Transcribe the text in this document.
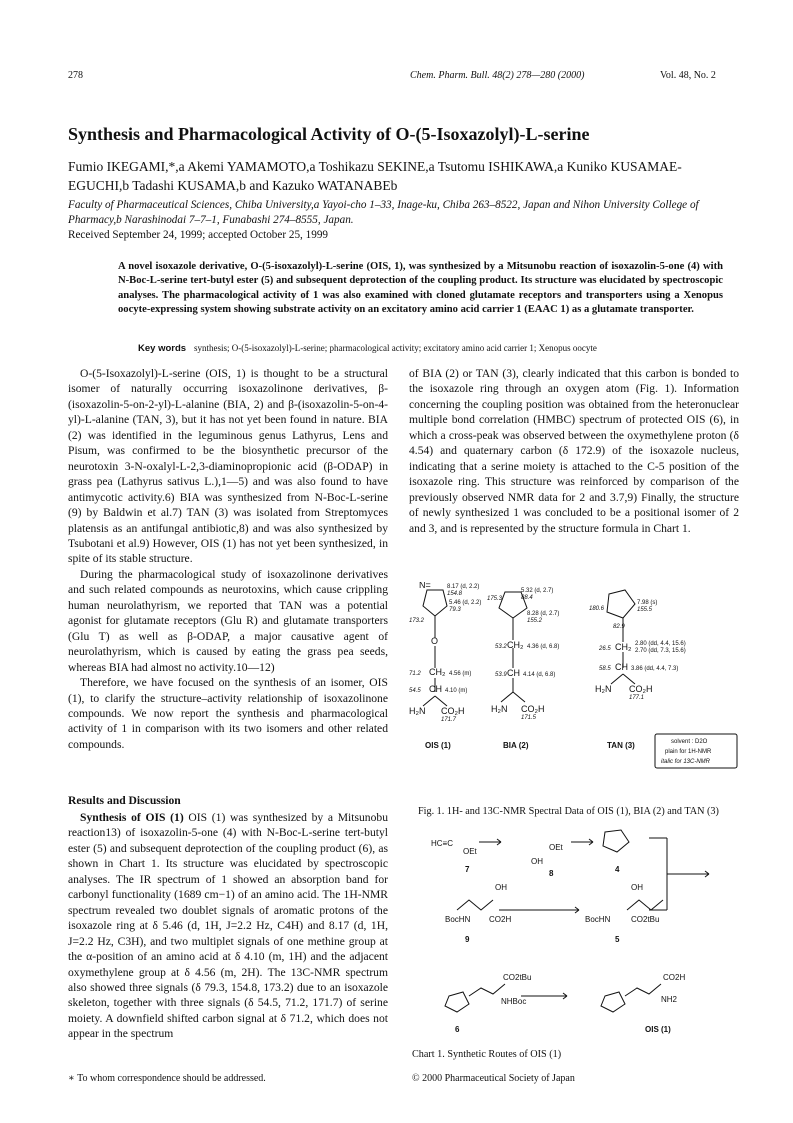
278	Chem. Pharm. Bull. 48(2) 278—280 (2000)	Vol. 48, No. 2
Synthesis and Pharmacological Activity of O-(5-Isoxazolyl)-L-serine
Fumio IKEGAMI,*,a Akemi YAMAMOTO,a Toshikazu SEKINE,a Tsutomu ISHIKAWA,a Kuniko KUSAMAE-EGUCHI,b Tadashi KUSAMA,b and Kazuko WATANABEb
Faculty of Pharmaceutical Sciences, Chiba University,a Yayoi-cho 1–33, Inage-ku, Chiba 263–8522, Japan and Nihon University College of Pharmacy,b Narashinodai 7–7–1, Funabashi 274–8555, Japan.
Received September 24, 1999; accepted October 25, 1999
A novel isoxazole derivative, O-(5-isoxazolyl)-L-serine (OIS, 1), was synthesized by a Mitsunobu reaction of isoxazolin-5-one (4) with N-Boc-L-serine tert-butyl ester (5) and subsequent deprotection of the coupling product. Its structure was elucidated by spectroscopic analyses. The pharmacological activity of 1 was also examined with cloned glutamate receptors and transporters using a Xenopus oocyte-expressing system showing substrate activity on an excitatory amino acid carrier 1 (EAAC 1) as a glutamate transporter.
Key words synthesis; O-(5-isoxazolyl)-L-serine; pharmacological activity; excitatory amino acid carrier 1; Xenopus oocyte

O-(5-Isoxazolyl)-L-serine (OIS, 1) is thought to be a structural isomer of naturally occurring isoxazolinone derivatives, β-(isoxazolin-5-on-2-yl)-L-alanine (BIA, 2) and β-(isoxazolin-5-on-4-yl)-L-alanine (TAN, 3), but it has not yet been found in nature. BIA (2) was identified in the leguminous genus Lathyrus, Lens and Pisum, was confirmed to be the biosynthetic precursor of the neurotoxin 3-N-oxalyl-L-2,3-diaminopropionic acid (β-ODAP) in grass pea (Lathyrus sativus L.),1—5) and was also found to have antimycotic activity.6) BIA was synthesized from N-Boc-L-serine (9) by Baldwin et al.7) TAN (3) was isolated from Streptomyces platensis as an antifungal antibiotic,8) and was also synthesized by Tsubotani et al.9) However, OIS (1) has not yet been synthesized, in spite of its stable structure.

During the pharmacological study of isoxazolinone derivatives and such related compounds as neurotoxins, which cause crippling human neurolathyrism, we reported that TAN was a potential agonist for glutamate receptors (Glu R) and glutamate transporters (Glu T) as well as β-ODAP, a major causative agent of neurolathyrism, which is caused by eating the grass pea seeds, whereas BIA had almost no activity.10—12)

Therefore, we have focused on the synthesis of an isomer, OIS (1), to clarify the structure–activity relationship of isoxazolinone compounds. We now report the synthesis and pharmacological activity of 1 in comparison with its two isomers and other related compounds.

Results and Discussion

Synthesis of OIS (1) OIS (1) was synthesized by a Mitsunobu reaction13) of isoxazolin-5-one (4) with N-Boc-L-serine tert-butyl ester (5) and subsequent deprotection of the coupling product (6), as shown in Chart 1. Its structure was elucidated by spectroscopic analyses. The IR spectrum of 1 showed an absorption band for carbonyl functionality (1689 cm−1) of an amino acid. The 1H-NMR spectrum revealed two doublet signals of aromatic protons of the isoxazole ring at δ 5.46 (d, 1H, J=2.2 Hz, C4H) and 8.17 (d, 1H, J=2.2 Hz, C3H), and two multiplet signals of one methine group at the α-position of an amino acid at δ 4.10 (m, 1H) and the adjacent oxymethylene group at δ 4.56 (m, 2H). The 13C-NMR spectrum also showed three signals (δ 79.3, 154.8, 173.2) due to an isoxazole skeleton, together with three signals (δ 54.5, 71.2, 171.7) of serine moiety. A downfield shifted carbon signal at δ 71.2, which does not appear in the spectrum

∗ To whom correspondence should be addressed.

of BIA (2) or TAN (3), clearly indicated that this carbon is bonded to the isoxazole ring through an oxygen atom (Fig. 1). Information concerning the coupling position was obtained from the heteronuclear multiple bond correlation (HMBC) spectrum of protected OIS (6), in which a cross-peak was observed between the oxymethylene proton (δ 4.54) and quaternary carbon (δ 172.9) of the isoxazole nucleus, indicating that a serine moiety is attached to the C-5 position of the isoxazole ring. This structure was reinforced by comparison of the previously observed NMR data for 2 and 3.7,9) Finally, the structure of newly synthesized 1 was concluded to be a positional isomer of 2 and 3, and is represented by the structure formula in Chart 1.

N=	8.17 (d, 2.2)
154.8
5.46 (d, 2.2)
79.3
173.2
O
71.2 CH₂ 4.56 (m)
54.5 CH 4.10 (m)
H₂N CO₂H
171.7
OIS (1)
5.32 (d, 2.7)
175.3	88.4
8.28 (d, 2.7)
155.2
53.2 CH₂ 4.36 (d, 6.8)
53.9 CH 4.14 (d, 6.8)
H₂N CO₂H
171.5
BIA (2)
180.6
7.98 (s)
155.5
82.9
26.5 CH₂ 2.80 (dd, 4.4, 15.6)
2.70 (dd, 7.3, 15.6)
58.5 CH 3.86 (dd, 4.4, 7.3)
H₂N CO₂H
177.1
TAN (3)	solvent : D2O
plain for 1H-NMR
italic for 13C-NMR
Fig. 1. 1H- and 13C-NMR Spectral Data of OIS (1), BIA (2) and TAN (3)
HC≡C
OEt	OEt
OH
OH	OH
BocHN CO2H	BocHN	CO2tBu
CO2tBu
NHBoc
CO2H
NH2
7	8	4
9	5
6	OIS (1)
Chart 1. Synthetic Routes of OIS (1)
© 2000 Pharmaceutical Society of Japan
